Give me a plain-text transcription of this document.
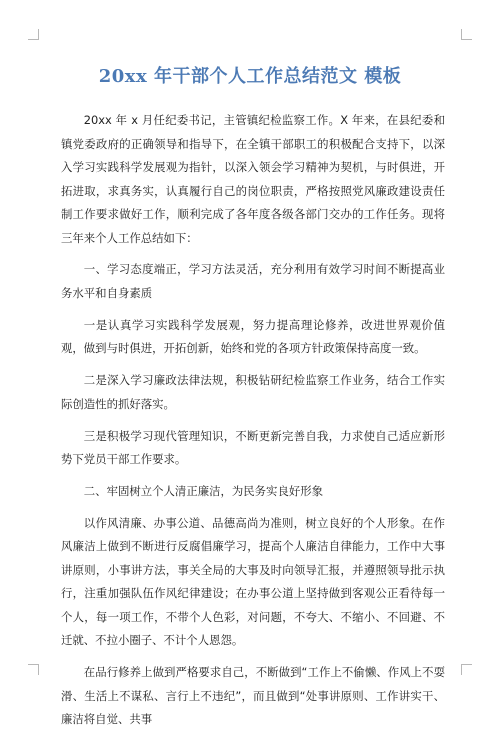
20xx 年干部个人工作总结范文 模板

20xx 年 x 月任纪委书记，主管镇纪检监察工作。X 年来，在县纪委和镇党委政府的正确领导和指导下，在全镇干部职工的积极配合支持下，以深入学习实践科学发展观为指针，以深入领会学习精神为契机，与时俱进，开拓进取，求真务实，认真履行自己的岗位职责，严格按照党风廉政建设责任制工作要求做好工作，顺利完成了各年度各级各部门交办的工作任务。现将三年来个人工作总结如下：

一、学习态度端正，学习方法灵活，充分利用有效学习时间不断提高业务水平和自身素质

一是认真学习实践科学发展观，努力提高理论修养，改进世界观价值观，做到与时俱进，开拓创新，始终和党的各项方针政策保持高度一致。

二是深入学习廉政法律法规，积极钻研纪检监察工作业务，结合工作实际创造性的抓好落实。

三是积极学习现代管理知识，不断更新完善自我，力求使自己适应新形势下党员干部工作要求。

二、牢固树立个人清正廉洁，为民务实良好形象

以作风清廉、办事公道、品德高尚为准则，树立良好的个人形象。在作风廉洁上做到不断进行反腐倡廉学习，提高个人廉洁自律能力，工作中大事讲原则，小事讲方法，事关全局的大事及时向领导汇报，并遵照领导批示执行，注重加强队伍作风纪律建设；在办事公道上坚持做到客观公正看待每一个人，每一项工作，不带个人色彩，对问题，不夸大、不缩小、不回避、不迁就、不拉小圈子、不计个人恩怨。

在品行修养上做到严格要求自己，不断做到“工作上不偷懒、作风上不耍滑、生活上不谋私、言行上不违纪”，而且做到“处事讲原则、工作讲实干、廉洁将自觉、共事
